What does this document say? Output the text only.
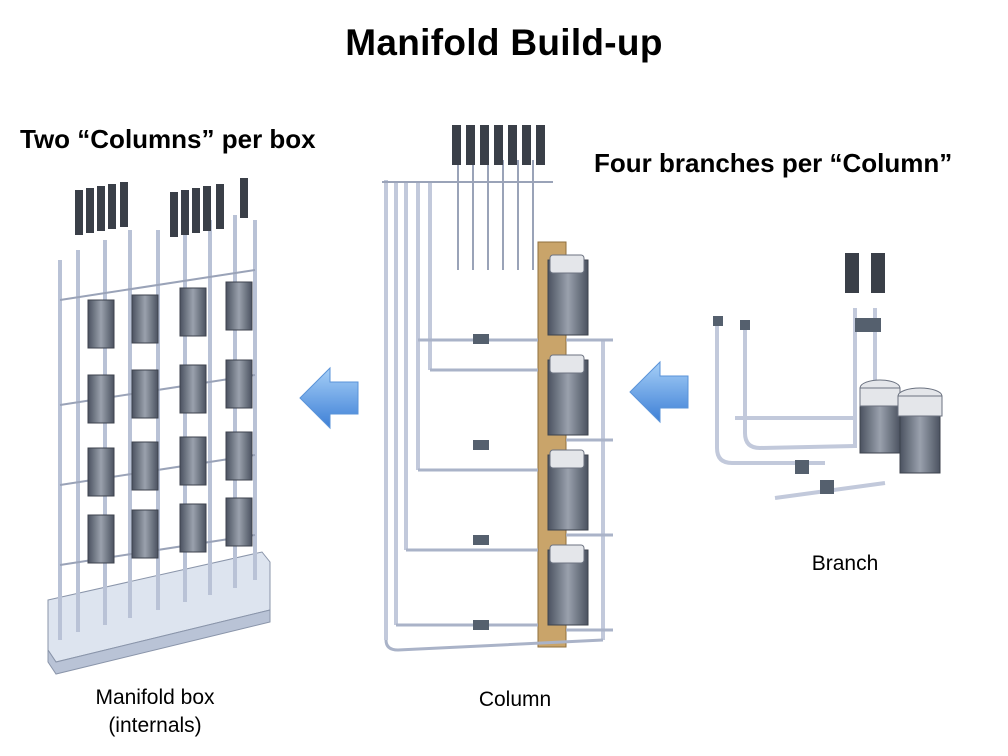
Manifold Build-up
Two “Columns” per box
Four branches per “Column”
Manifold box
(internals)
Column
Branch
